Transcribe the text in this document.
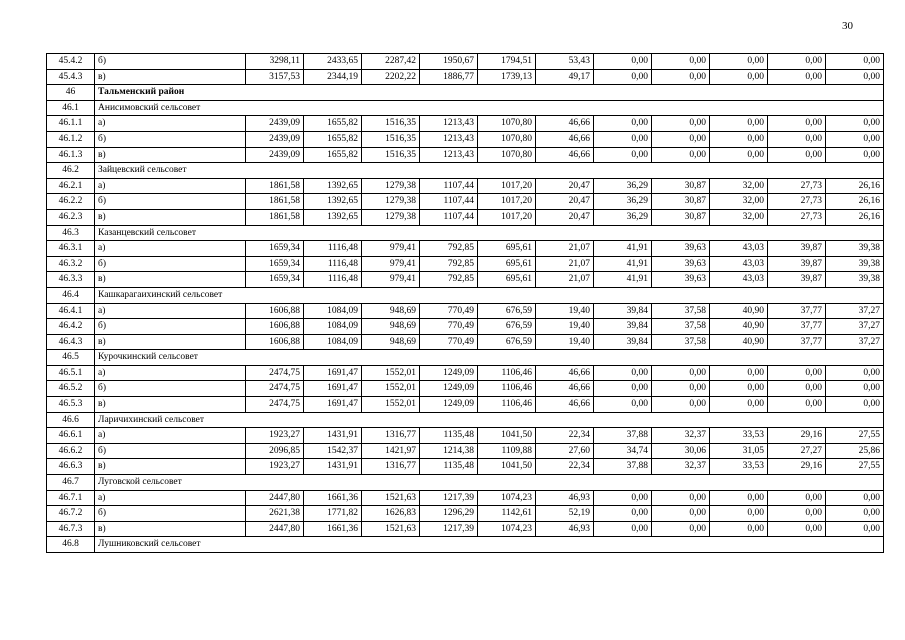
30
45.4.2	б)	3298,11	2433,65	2287,42	1950,67	1794,51	53,43	0,00	0,00	0,00	0,00	0,00
45.4.3	в)	3157,53	2344,19	2202,22	1886,77	1739,13	49,17	0,00	0,00	0,00	0,00	0,00
46	Тальменский район											
46.1	Анисимовский сельсовет											
46.1.1	а)	2439,09	1655,82	1516,35	1213,43	1070,80	46,66	0,00	0,00	0,00	0,00	0,00
46.1.2	б)	2439,09	1655,82	1516,35	1213,43	1070,80	46,66	0,00	0,00	0,00	0,00	0,00
46.1.3	в)	2439,09	1655,82	1516,35	1213,43	1070,80	46,66	0,00	0,00	0,00	0,00	0,00
46.2	Зайцевский сельсовет											
46.2.1	а)	1861,58	1392,65	1279,38	1107,44	1017,20	20,47	36,29	30,87	32,00	27,73	26,16
46.2.2	б)	1861,58	1392,65	1279,38	1107,44	1017,20	20,47	36,29	30,87	32,00	27,73	26,16
46.2.3	в)	1861,58	1392,65	1279,38	1107,44	1017,20	20,47	36,29	30,87	32,00	27,73	26,16
46.3	Казанцевский сельсовет											
46.3.1	а)	1659,34	1116,48	979,41	792,85	695,61	21,07	41,91	39,63	43,03	39,87	39,38
46.3.2	б)	1659,34	1116,48	979,41	792,85	695,61	21,07	41,91	39,63	43,03	39,87	39,38
46.3.3	в)	1659,34	1116,48	979,41	792,85	695,61	21,07	41,91	39,63	43,03	39,87	39,38
46.4	Кашкарагаихинский сельсовет											
46.4.1	а)	1606,88	1084,09	948,69	770,49	676,59	19,40	39,84	37,58	40,90	37,77	37,27
46.4.2	б)	1606,88	1084,09	948,69	770,49	676,59	19,40	39,84	37,58	40,90	37,77	37,27
46.4.3	в)	1606,88	1084,09	948,69	770,49	676,59	19,40	39,84	37,58	40,90	37,77	37,27
46.5	Курочкинский сельсовет											
46.5.1	а)	2474,75	1691,47	1552,01	1249,09	1106,46	46,66	0,00	0,00	0,00	0,00	0,00
46.5.2	б)	2474,75	1691,47	1552,01	1249,09	1106,46	46,66	0,00	0,00	0,00	0,00	0,00
46.5.3	в)	2474,75	1691,47	1552,01	1249,09	1106,46	46,66	0,00	0,00	0,00	0,00	0,00
46.6	Ларичихинский сельсовет											
46.6.1	а)	1923,27	1431,91	1316,77	1135,48	1041,50	22,34	37,88	32,37	33,53	29,16	27,55
46.6.2	б)	2096,85	1542,37	1421,97	1214,38	1109,88	27,60	34,74	30,06	31,05	27,27	25,86
46.6.3	в)	1923,27	1431,91	1316,77	1135,48	1041,50	22,34	37,88	32,37	33,53	29,16	27,55
46.7	Луговской сельсовет											
46.7.1	а)	2447,80	1661,36	1521,63	1217,39	1074,23	46,93	0,00	0,00	0,00	0,00	0,00
46.7.2	б)	2621,38	1771,82	1626,83	1296,29	1142,61	52,19	0,00	0,00	0,00	0,00	0,00
46.7.3	в)	2447,80	1661,36	1521,63	1217,39	1074,23	46,93	0,00	0,00	0,00	0,00	0,00
46.8	Лушниковский сельсовет											
